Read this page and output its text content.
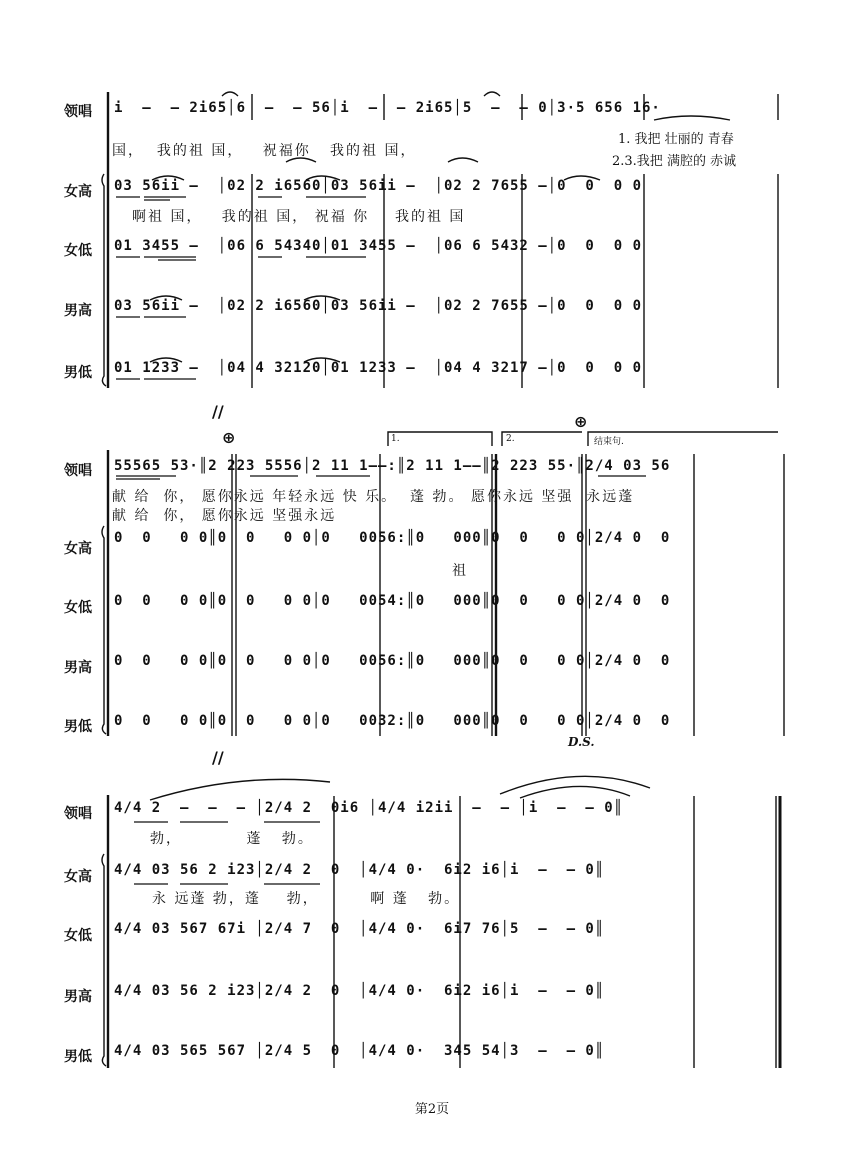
领唱 i  –  – 2i65│6  –  – 56│i  –  – 2i65│5  –  – 0│3·5 656 16·
国，  我的祖 国，   祝福你   我的祖 国，
1. 我把 壮丽的 青春
2.3.我把 满腔的 赤诚
女高 03 56ii –  │02 2 i6560│03 56ii –  │02 2 7655 –│0  0  0 0
啊祖 国，   我的祖 国， 祝福 你    我的祖 国
女低 01 3455 –  │06 6 54340│01 3455 –  │06 6 5432 –│0  0  0 0
男高 03 56ii –  │02 2 i6560│03 56ii –  │02 2 7655 –│0  0  0 0
男低 01 1233 –  │04 4 32120│01 1233 –  │04 4 3217 –│0  0  0 0
//
⊕
⊕
1.	2.	结束句.
领唱 55565 53·║2 223 5556│2 11 1––:║2 11 1––║2 223 55·║2/4 03 56
献 给  你， 愿你永远 年轻永远 快 乐。  蓬 勃。 愿你永远 坚强  永远蓬
献 给  你， 愿你永远 坚强永远
女高
0  0   0 0║0  0   0 0│0   0056:║0   000║0  0   0 0│2/4 0  0
祖
女低 0  0   0 0║0  0   0 0│0   0054:║0   000║0  0   0 0│2/4 0  0
男高 0  0   0 0║0  0   0 0│0   0056:║0   000║0  0   0 0│2/4 0  0
男低 0  0   0 0║0  0   0 0│0   0032:║0   000║0  0   0 0│2/4 0  0
D.S.
//
领唱 4/4 2  –  –  – │2/4 2  0i6 │4/4 i2ii  –  – │i  –  – 0║
勃，          蓬   勃。
女高 4/4 03 56 2 i23│2/4 2  0  │4/4 0·  6i2 i6│i  –  – 0║
永 远蓬 勃，蓬    勃，        啊 蓬   勃。
女低 4/4 03 567 67i │2/4 7  0  │4/4 0·  6i7 76│5  –  – 0║
男高 4/4 03 56 2 i23│2/4 2  0  │4/4 0·  6i2 i6│i  –  – 0║
男低 4/4 03 565 567 │2/4 5  0  │4/4 0·  345 54│3  –  – 0║
第2页
